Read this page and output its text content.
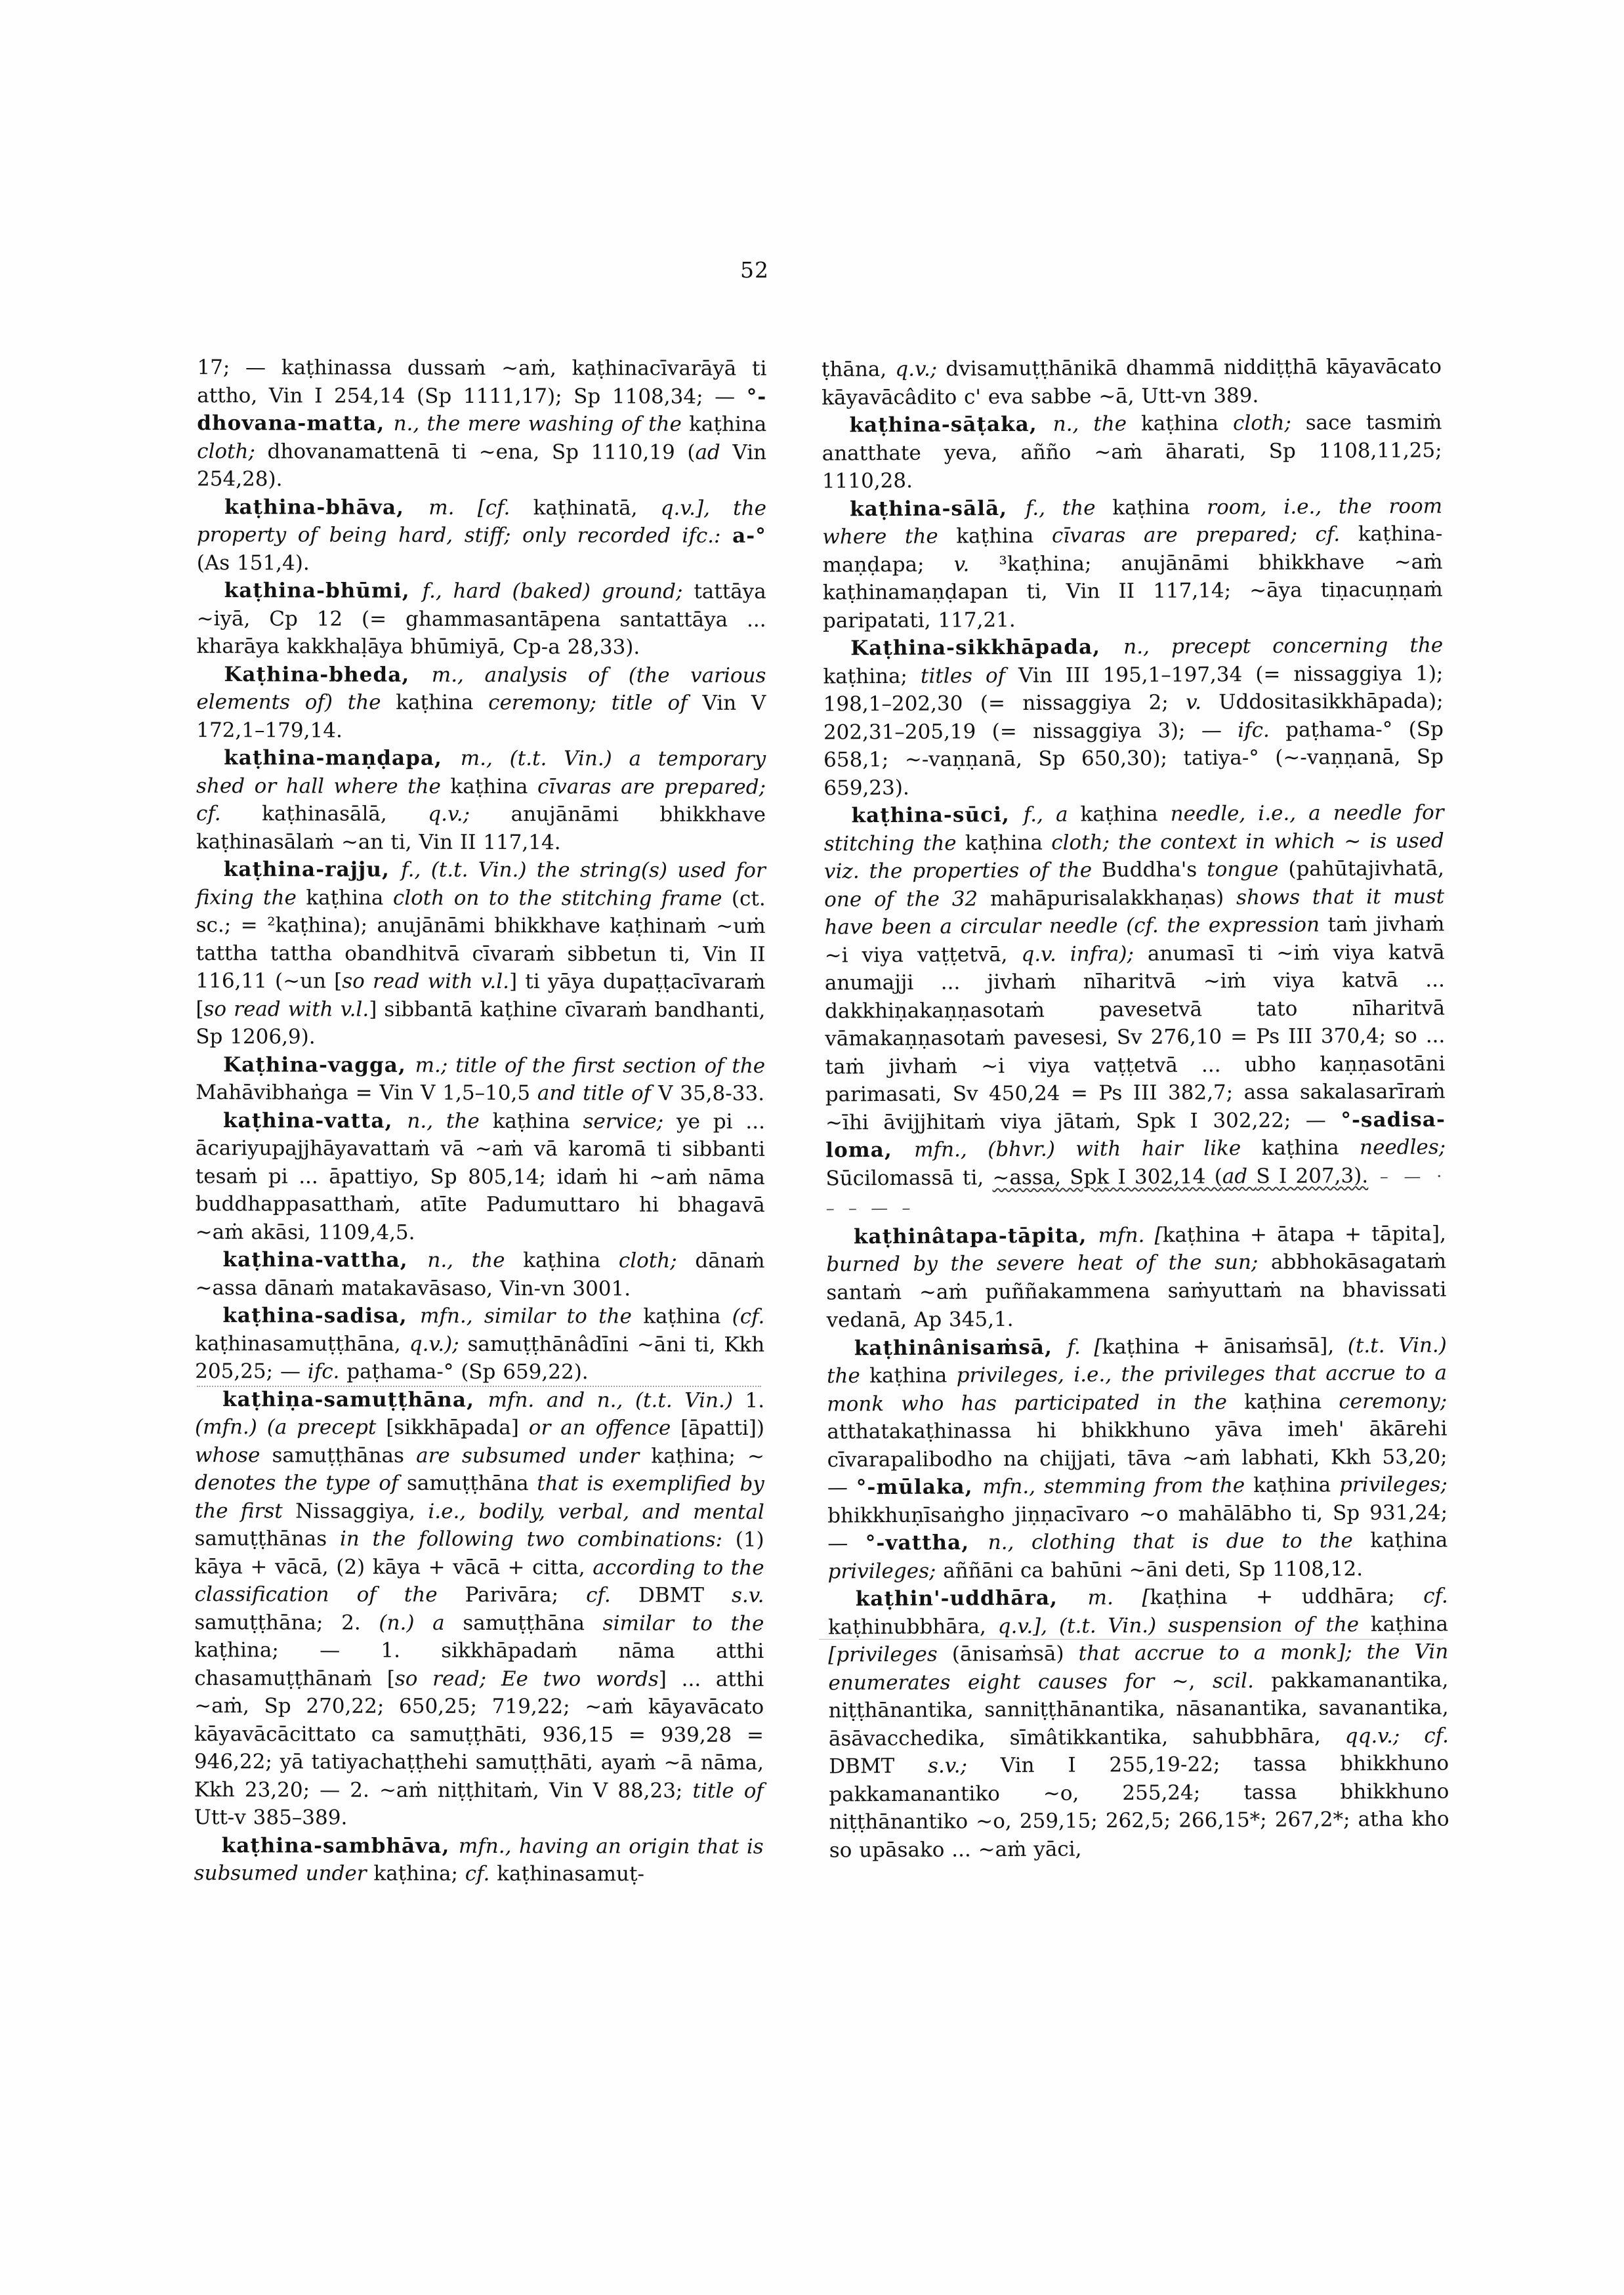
52

17; — kaṭhinassa dussaṁ ~aṁ, kaṭhinacīvarāyā ti attho, Vin I 254,14 (Sp 1111,17); Sp 1108,34; — °-dhovana-matta, n., the mere washing of the kaṭhina cloth; dhovanamattenā ti ~ena, Sp 1110,19 (ad Vin 254,28).

kaṭhina-bhāva, m. [cf. kaṭhinatā, q.v.], the property of being hard, stiff; only recorded ifc.: a-° (As 151,4).

kaṭhina-bhūmi, f., hard (baked) ground; tattāya ~iyā, Cp 12 (= ghammasantāpena santattāya ... kharāya kakkhaḷāya bhūmiyā, Cp-a 28,33).

Kaṭhina-bheda, m., analysis of (the various elements of) the kaṭhina ceremony; title of Vin V 172,1–179,14.

kaṭhina-maṇḍapa, m., (t.t. Vin.) a temporary shed or hall where the kaṭhina cīvaras are prepared; cf. kaṭhinasālā, q.v.; anujānāmi bhikkhave kaṭhinasālaṁ ~an ti, Vin II 117,14.

kaṭhina-rajju, f., (t.t. Vin.) the string(s) used for fixing the kaṭhina cloth on to the stitching frame (ct. sc.; = ²kaṭhina); anujānāmi bhikkhave kaṭhinaṁ ~uṁ tattha tattha obandhitvā cīvaraṁ sibbetun ti, Vin II 116,11 (~un [so read with v.l.] ti yāya dupaṭṭacīvaraṁ [so read with v.l.] sibbantā kaṭhine cīvaraṁ bandhanti, Sp 1206,9).

Kaṭhina-vagga, m.; title of the first section of the Mahāvibhaṅga = Vin V 1,5–10,5 and title of V 35,8-33.

kaṭhina-vatta, n., the kaṭhina service; ye pi ... ācariyupajjhāyavattaṁ vā ~aṁ vā karomā ti sibbanti tesaṁ pi ... āpattiyo, Sp 805,14; idaṁ hi ~aṁ nāma buddhappasatthaṁ, atīte Padumuttaro hi bhagavā ~aṁ akāsi, 1109,4,5.

kaṭhina-vattha, n., the kaṭhina cloth; dānaṁ ~assa dānaṁ matakavāsaso, Vin-vn 3001.

kaṭhina-sadisa, mfn., similar to the kaṭhina (cf. kaṭhinasamuṭṭhāna, q.v.); samuṭṭhānâdīni ~āni ti, Kkh 205,25; — ifc. paṭhama-° (Sp 659,22).

kaṭhiṇa-samuṭṭhāna, mfn. and n., (t.t. Vin.) 1. (mfn.) (a precept [sikkhāpada] or an offence [āpatti]) whose samuṭṭhānas are subsumed under kaṭhina; ~ denotes the type of samuṭṭhāna that is exemplified by the first Nissaggiya, i.e., bodily, verbal, and mental samuṭṭhānas in the following two combinations: (1) kāya + vācā, (2) kāya + vācā + citta, according to the classification of the Parivāra; cf. DBMT s.v. samuṭṭhāna; 2. (n.) a samuṭṭhāna similar to the kaṭhina; — 1. sikkhāpadaṁ nāma atthi chasamuṭṭhānaṁ [so read; Ee two words] ... atthi ~aṁ, Sp 270,22; 650,25; 719,22; ~aṁ kāyavācato kāyavācācittato ca samuṭṭhāti, 936,15 = 939,28 = 946,22; yā tatiyachaṭṭhehi samuṭṭhāti, ayaṁ ~ā nāma, Kkh 23,20; — 2. ~aṁ niṭṭhitaṁ, Vin V 88,23; title of Utt-v 385–389.

kaṭhina-sambhāva, mfn., having an origin that is subsumed under kaṭhina; cf. kaṭhinasamuṭ-

ṭhāna, q.v.; dvisamuṭṭhānikā dhammā niddiṭṭhā kāyavācato kāyavācâdito c' eva sabbe ~ā, Utt-vn 389.

kaṭhina-sāṭaka, n., the kaṭhina cloth; sace tasmiṁ anatthate yeva, añño ~aṁ āharati, Sp 1108,11,25; 1110,28.

kaṭhina-sālā, f., the kaṭhina room, i.e., the room where the kaṭhina cīvaras are prepared; cf. kaṭhina-maṇḍapa; v. ³kaṭhina; anujānāmi bhikkhave ~aṁ kaṭhinamaṇḍapan ti, Vin II 117,14; ~āya tiṇacuṇṇaṁ paripatati, 117,21.

Kaṭhina-sikkhāpada, n., precept concerning the kaṭhina; titles of Vin III 195,1–197,34 (= nissaggiya 1); 198,1–202,30 (= nissaggiya 2; v. Uddositasikkhāpada); 202,31–205,19 (= nissaggiya 3); — ifc. paṭhama-° (Sp 658,1; ~-vaṇṇanā, Sp 650,30); tatiya-° (~-vaṇṇanā, Sp 659,23).

kaṭhina-sūci, f., a kaṭhina needle, i.e., a needle for stitching the kaṭhina cloth; the context in which ~ is used viz. the properties of the Buddha's tongue (pahūtajivhatā, one of the 32 mahāpurisalakkhaṇas) shows that it must have been a circular needle (cf. the expression taṁ jivhaṁ ~i viya vaṭṭetvā, q.v. infra); anumasī ti ~iṁ viya katvā anumajji ... jivhaṁ nīharitvā ~iṁ viya katvā ... dakkhiṇakaṇṇasotaṁ pavesetvā tato nīharitvā vāmakaṇṇasotaṁ pavesesi, Sv 276,10 = Ps III 370,4; so ... taṁ jivhaṁ ~i viya vaṭṭetvā ... ubho kaṇṇasotāni parimasati, Sv 450,24 = Ps III 382,7; assa sakalasarīraṁ ~īhi āvijjhitaṁ viya jātaṁ, Spk I 302,22; — °-sadisa-loma, mfn., (bhvr.) with hair like kaṭhina needles; Sūcilomassā ti, ~assa, Spk I 302,14 (ad S I 207,3). – — · – – — –

kaṭhinâtapa-tāpita, mfn. [kaṭhina + ātapa + tāpita], burned by the severe heat of the sun; abbhokāsagataṁ santaṁ ~aṁ puññakammena saṁyuttaṁ na bhavissati vedanā, Ap 345,1.

kaṭhinânisaṁsā, f. [kaṭhina + ānisaṁsā], (t.t. Vin.) the kaṭhina privileges, i.e., the privileges that accrue to a monk who has participated in the kaṭhina ceremony; atthatakaṭhinassa hi bhikkhuno yāva imeh' ākārehi cīvarapalibodho na chijjati, tāva ~aṁ labhati, Kkh 53,20; — °-mūlaka, mfn., stemming from the kaṭhina privileges; bhikkhuṇīsaṅgho jiṇṇacīvaro ~o mahālābho ti, Sp 931,24; — °-vattha, n., clothing that is due to the kaṭhina privileges; aññāni ca bahūni ~āni deti, Sp 1108,12.

kaṭhin'-uddhāra, m. [kaṭhina + uddhāra; cf. kaṭhinubbhāra, q.v.], (t.t. Vin.) suspension of the kaṭhina [privileges (ānisaṁsā) that accrue to a monk]; the Vin enumerates eight causes for ~, scil. pakkamanantika, niṭṭhānantika, sanniṭṭhānantika, nāsanantika, savanantika, āsāvacchedika, sīmâtikkantika, sahubbhāra, qq.v.; cf. DBMT s.v.; Vin I 255,19-22; tassa bhikkhuno pakkamanantiko ~o, 255,24; tassa bhikkhuno niṭṭhānantiko ~o, 259,15; 262,5; 266,15*; 267,2*; atha kho so upāsako ... ~aṁ yāci,
